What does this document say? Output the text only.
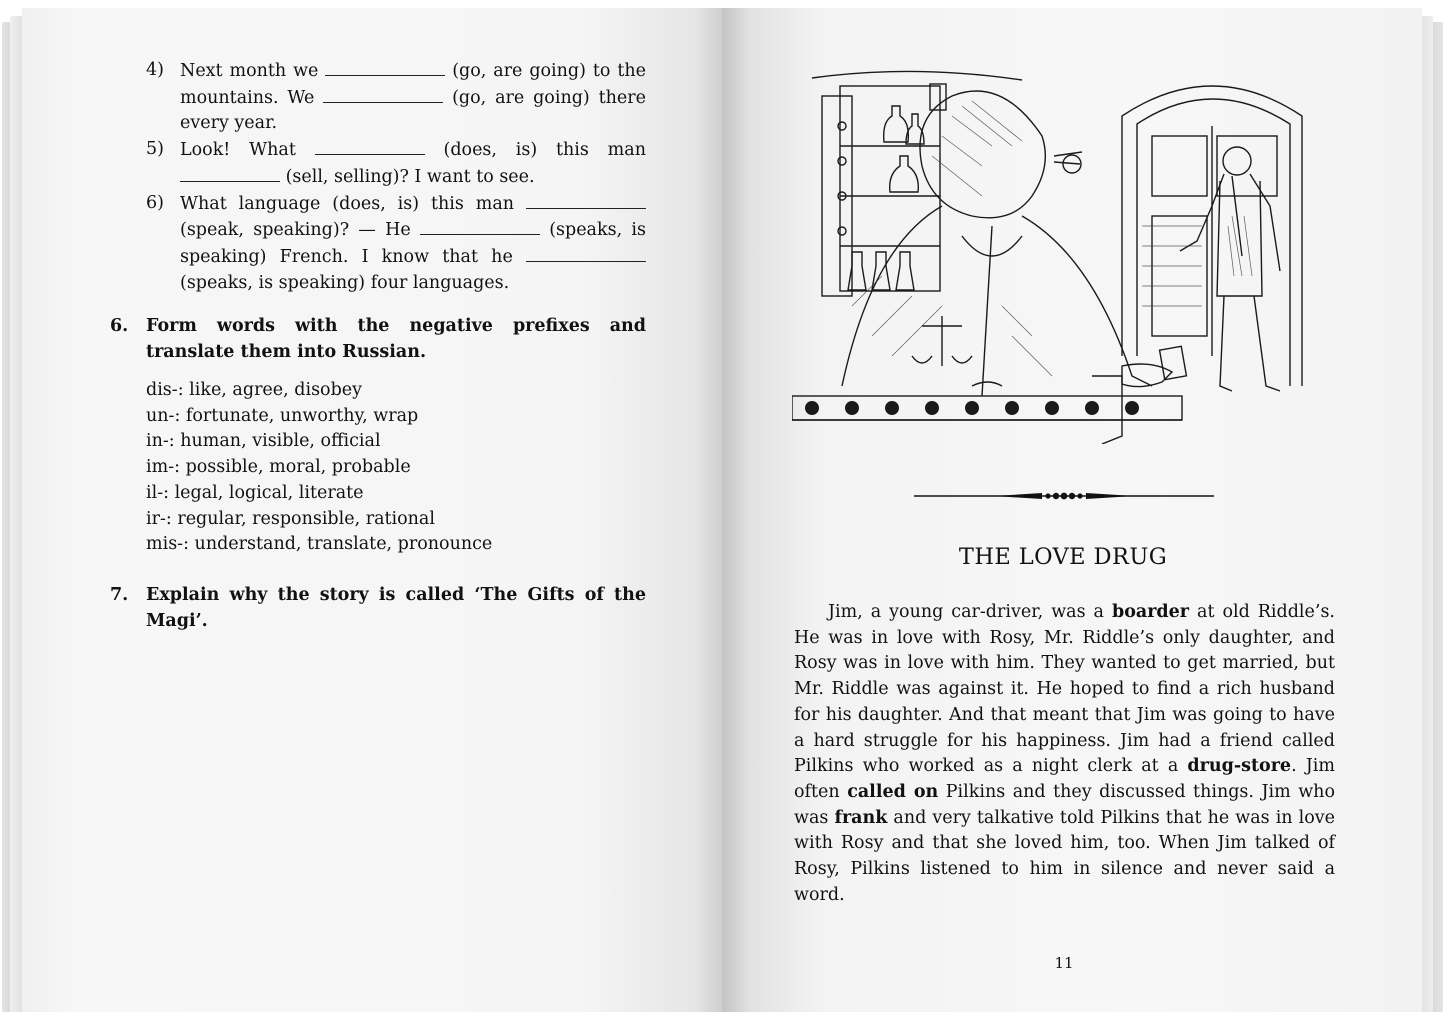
4) Next month we	(go, are going) to the mountains. We	(go, are going) there every year.
5) Look! What	(does, is) this man  (sell, selling)? I want to see.
6) What language (does, is) this man  (speak, speaking)? — He	(speaks, is speaking) French. I know that he  (speaks, is speaking) four languages.
6.	Form words with the negative prefixes and translate them into Russian.
dis-: like, agree, disobey
un-: fortunate, unworthy, wrap
in-: human, visible, official
im-: possible, moral, probable
il-: legal, logical, literate
ir-: regular, responsible, rational
mis-: understand, translate, pronounce
7.	Explain why the story is called ‘The Gifts of the Magi’.
THE LOVE DRUG

Jim, a young car-driver, was a boarder at old Riddle’s. He was in love with Rosy, Mr. Riddle’s only daughter, and Rosy was in love with him. They wanted to get married, but Mr. Riddle was against it. He hoped to find a rich husband for his daughter. And that meant that Jim was going to have a hard struggle for his happiness. Jim had a friend called Pilkins who worked as a night clerk at a drug-store. Jim often called on Pilkins and they discussed things. Jim who was frank and very talkative told Pilkins that he was in love with Rosy and that she loved him, too. When Jim talked of Rosy, Pilkins listened to him in silence and never said a word.

11
